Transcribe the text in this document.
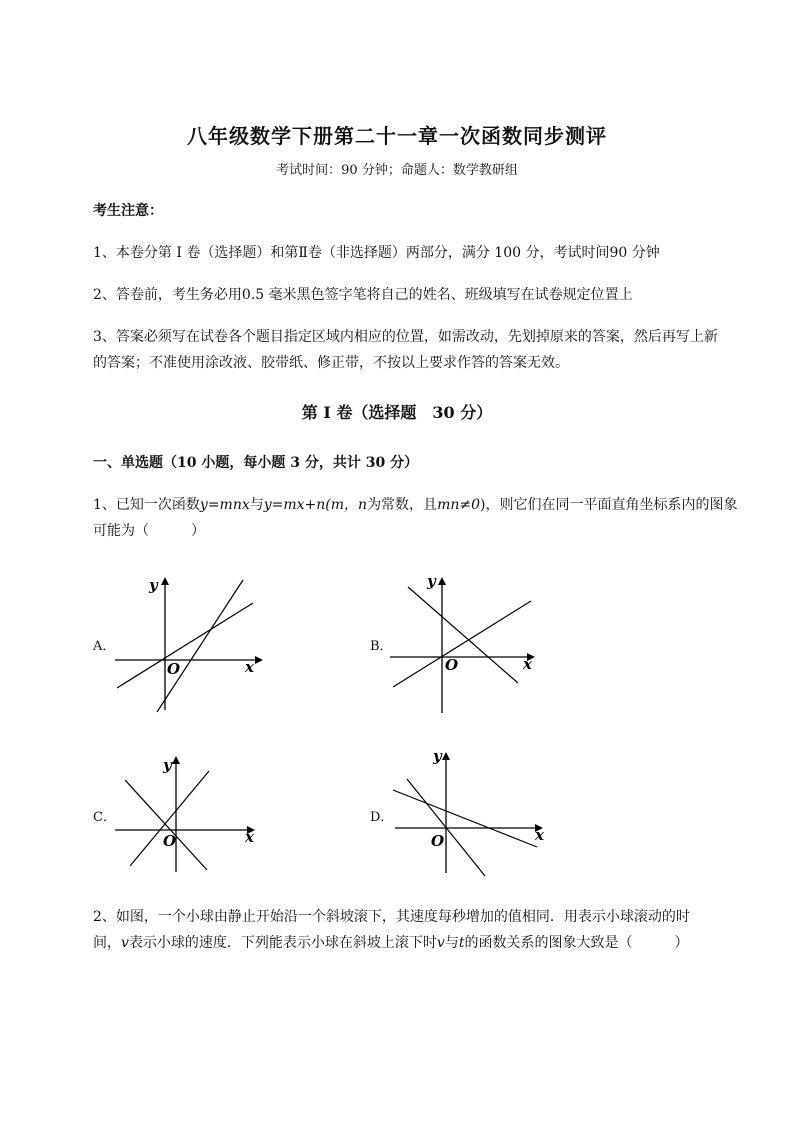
八年级数学下册第二十一章一次函数同步测评
考试时间：90 分钟；命题人：数学教研组
考生注意：
1、本卷分第 I 卷（选择题）和第Ⅱ卷（非选择题）两部分，满分 100 分，考试时间90 分钟
2、答卷前，考生务必用0.5 毫米黑色签字笔将自己的姓名、班级填写在试卷规定位置上
3、答案必须写在试卷各个题目指定区域内相应的位置，如需改动，先划掉原来的答案，然后再写上新
的答案；不准使用涂改液、胶带纸、修正带，不按以上要求作答的答案无效。
第 I 卷（选择题　30 分）
一、单选题（10 小题，每小题 3 分，共计 30 分）
1、已知一次函数y=mnx与y=mx+n(m，n为常数，且mn≠0)，则它们在同一平面直角坐标系内的图象
可能为（　　　）
A．
x
y
O
B．
x
y
O
C．
x
y
O
D．
x
y
O
2、如图，一个小球由静止开始沿一个斜坡滚下，其速度每秒增加的值相同．用表示小球滚动的时
间，v表示小球的速度．下列能表示小球在斜坡上滚下时v与t的函数关系的图象大致是（　　　）
